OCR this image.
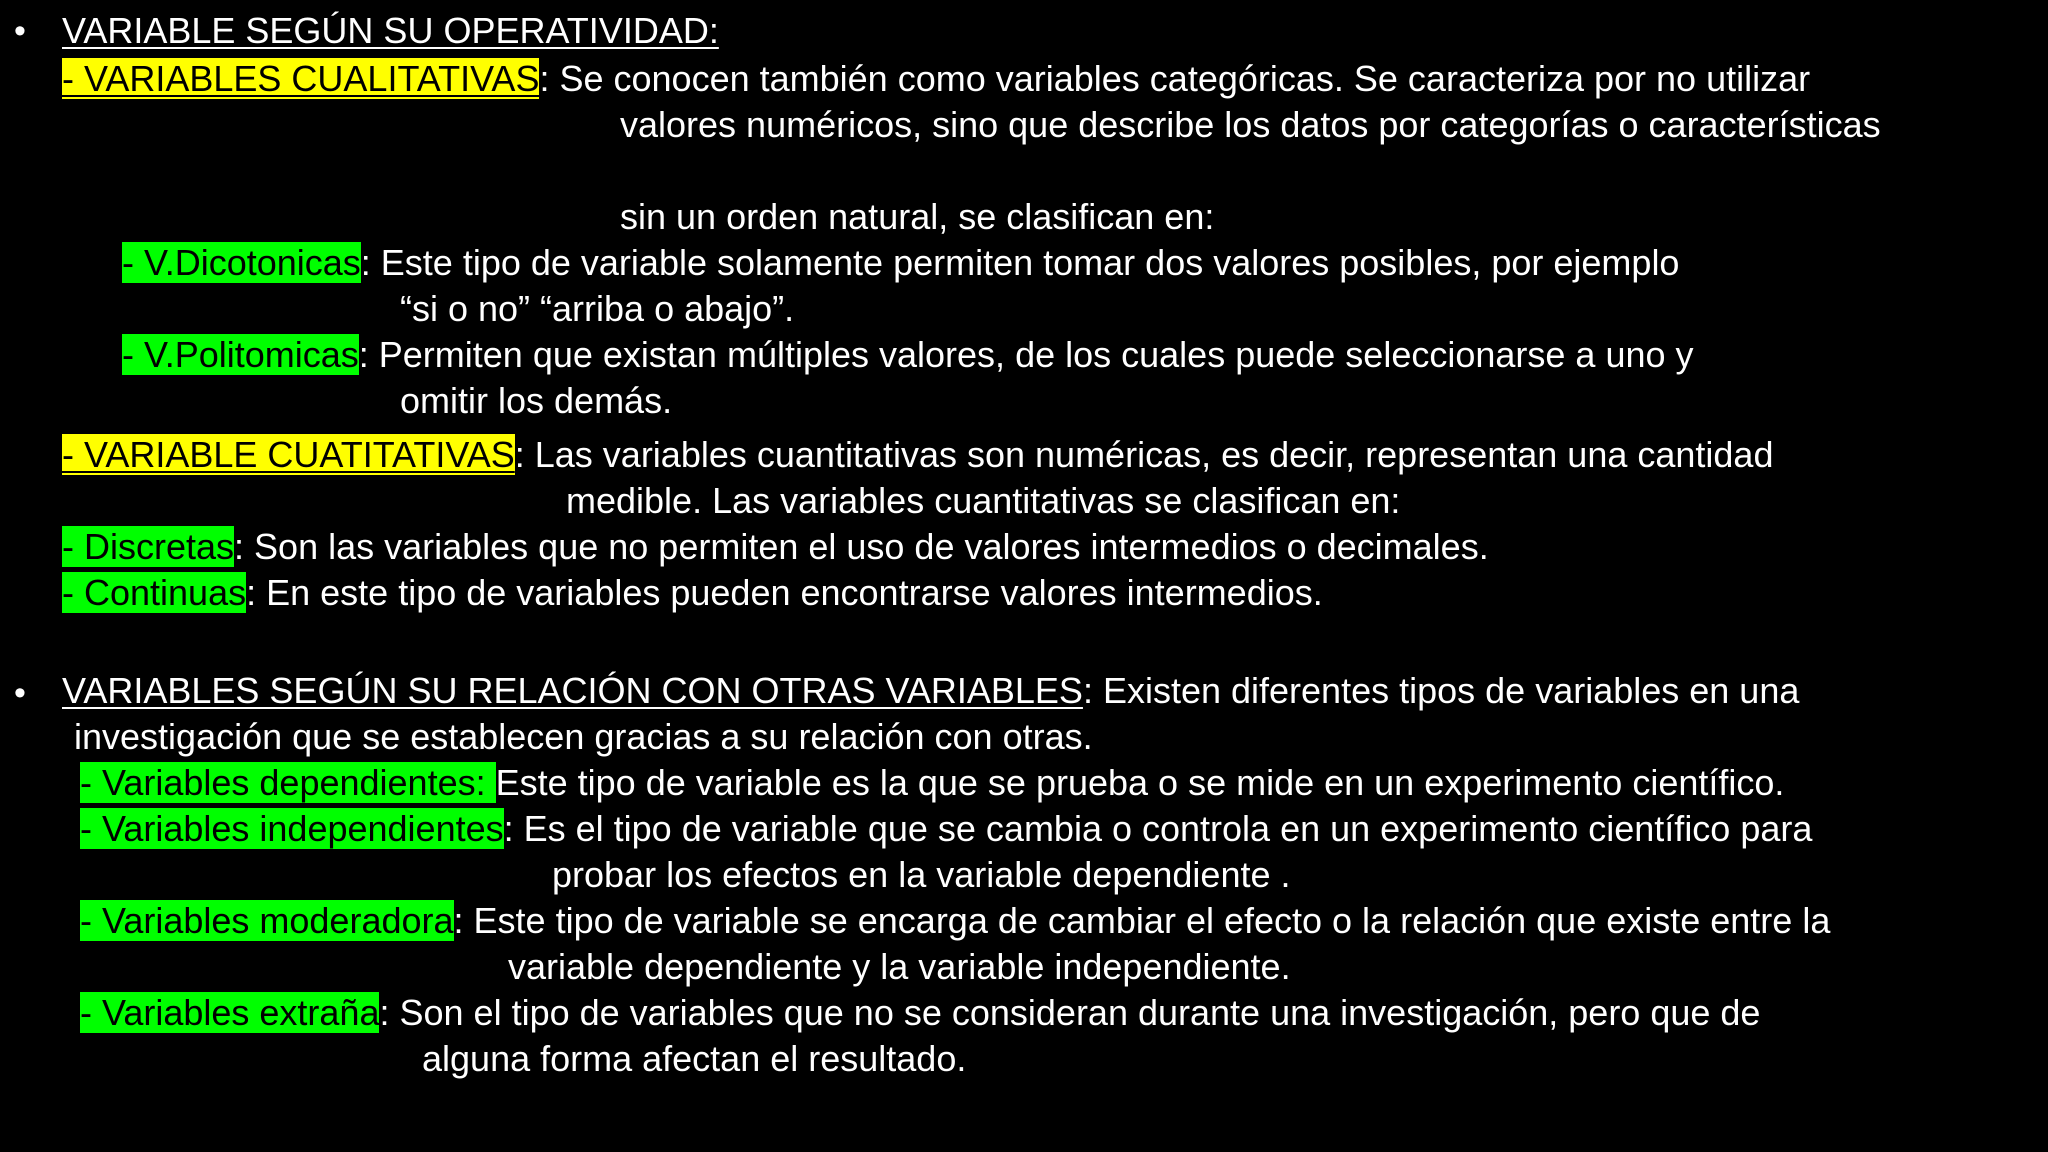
• VARIABLE SEGÚN SU OPERATIVIDAD:
- VARIABLES CUALITATIVAS: Se conocen también como variables categóricas. Se caracteriza por no utilizar
valores numéricos, sino que describe los datos por categorías o características
sin un orden natural, se clasifican en:
- V.Dicotonicas: Este tipo de variable solamente permiten tomar dos valores posibles, por ejemplo
“si o no” “arriba o abajo”.
- V.Politomicas: Permiten que existan múltiples valores, de los cuales puede seleccionarse a uno y
omitir los demás.
- VARIABLE CUATITATIVAS: Las variables cuantitativas son numéricas, es decir, representan una cantidad
medible. Las variables cuantitativas se clasifican en:
- Discretas: Son las variables que no permiten el uso de valores intermedios o decimales.
- Continuas: En este tipo de variables pueden encontrarse valores intermedios.
• VARIABLES SEGÚN SU RELACIÓN CON OTRAS VARIABLES: Existen diferentes tipos de variables en una
investigación que se establecen gracias a su relación con otras.
- Variables dependientes: Este tipo de variable es la que se prueba o se mide en un experimento científico.
- Variables independientes: Es el tipo de variable que se cambia o controla en un experimento científico para
probar los efectos en la variable dependiente .
- Variables moderadora: Este tipo de variable se encarga de cambiar el efecto o la relación que existe entre la
variable dependiente y la variable independiente.
- Variables extraña: Son el tipo de variables que no se consideran durante una investigación, pero que de
alguna forma afectan el resultado.
